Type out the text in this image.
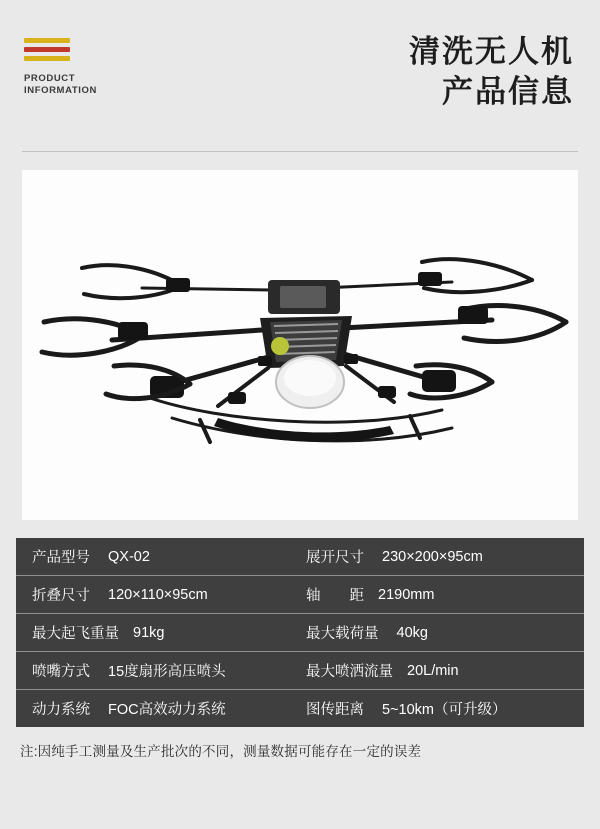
PRODUCT
INFORMATION
清洗无人机
产品信息
产品型号 QX-02	展开尺寸 230×200×95cm
折叠尺寸 120×110×95cm	轴　　距 2190mm
最大起飞重量 91kg	最大载荷量 40kg
喷嘴方式 15度扇形高压喷头	最大喷洒流量 20L/min
动力系统 FOC高效动力系统	图传距离 5~10km（可升级）
注:因纯手工测量及生产批次的不同，测量数据可能存在一定的误差
